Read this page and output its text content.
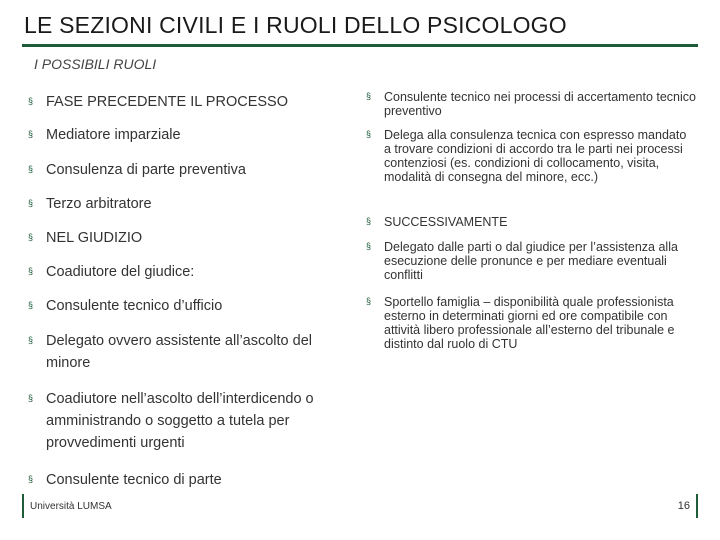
LE SEZIONI CIVILI E I RUOLI DELLO PSICOLOGO
I POSSIBILI RUOLI
§ FASE PRECEDENTE IL PROCESSO
§ Mediatore imparziale
§ Consulenza di parte preventiva
§ Terzo arbitratore
§ NEL GIUDIZIO
§ Coadiutore del giudice:
§ Consulente tecnico d’ufficio
§ Delegato ovvero assistente all’ascolto del minore
§ Coadiutore nell’ascolto dell’interdicendo o amministrando o soggetto a tutela per provvedimenti urgenti
§ Consulente tecnico di parte
§	Consulente tecnico nei processi di accertamento tecnico preventivo
§	Delega alla consulenza tecnica con espresso mandato a trovare condizioni di accordo tra le parti nei processi contenziosi (es. condizioni di collocamento, visita, modalità di consegna del minore, ecc.)
§	SUCCESSIVAMENTE
§	Delegato dalle parti o dal giudice per l’assistenza alla esecuzione delle pronunce e per mediare eventuali conflitti
§	Sportello famiglia – disponibilità quale professionista esterno in determinati giorni ed ore compatibile con attività libero professionale all’esterno del tribunale e distinto dal ruolo di CTU
Università LUMSA	16
